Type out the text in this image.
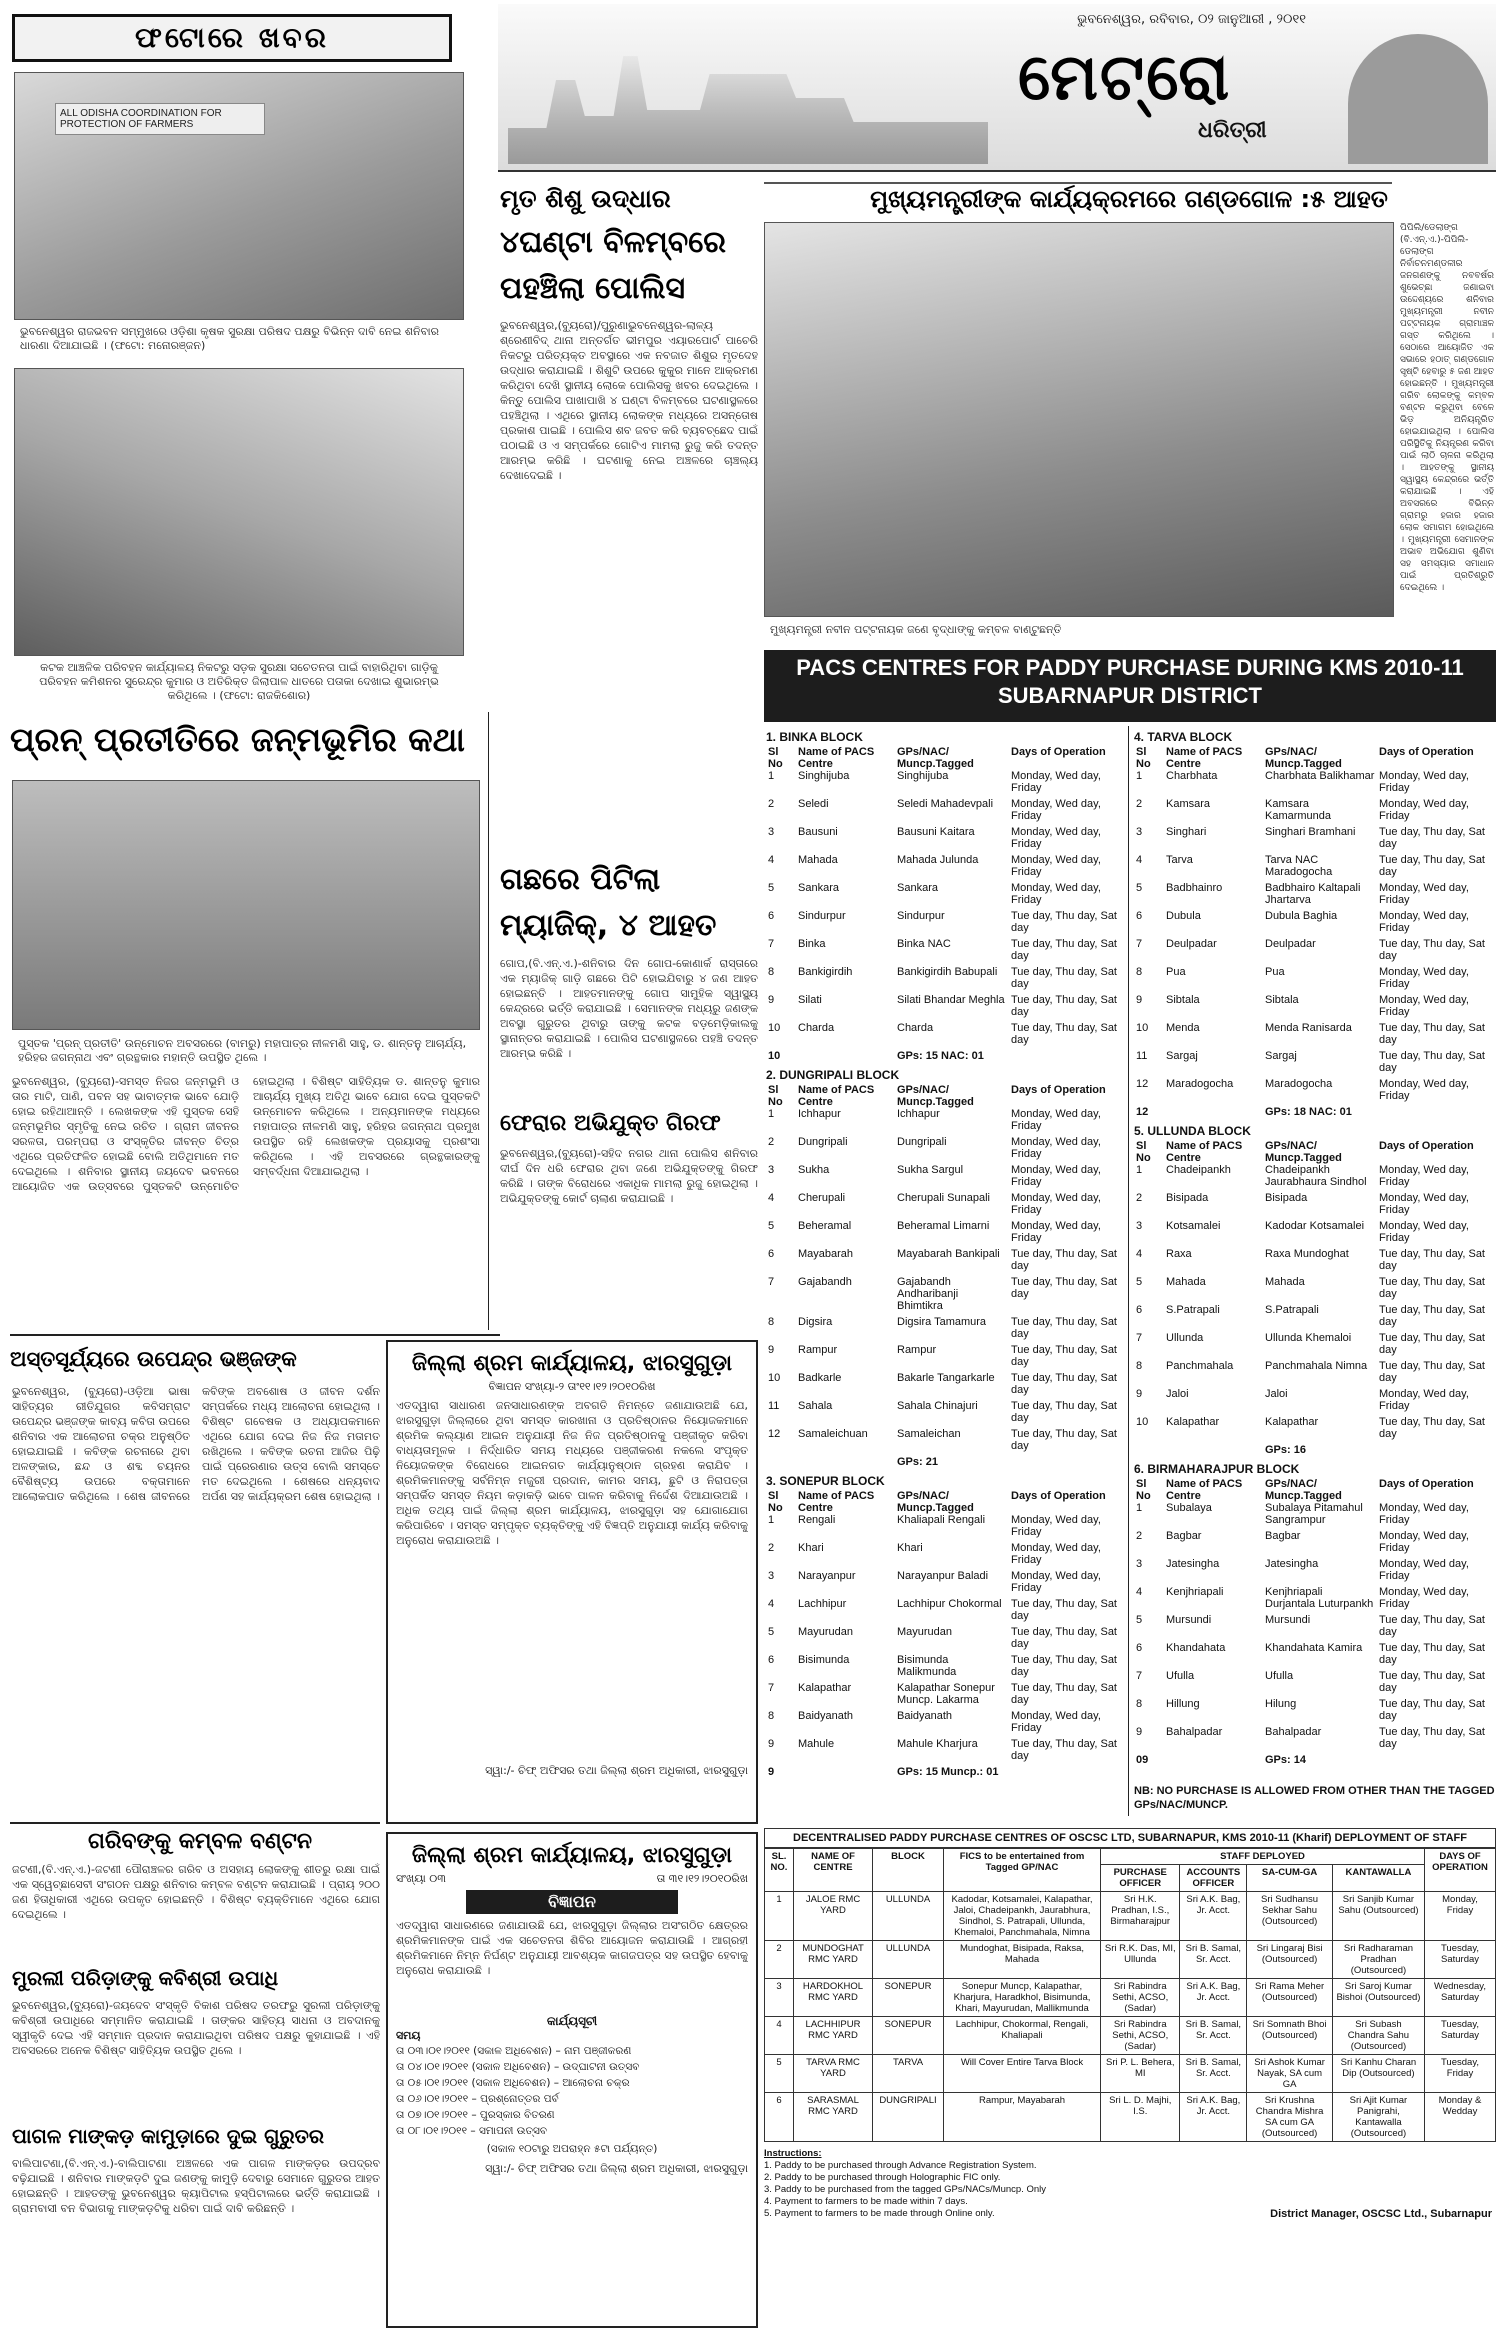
ଫଟୋରେ ଖବର
ALL ODISHA COORDINATION FOR PROTECTION OF FARMERS
ଭୁବନେଶ୍ୱର ରାଜଭବନ ସମ୍ମୁଖରେ ଓଡ଼ିଶା କୃଷକ ସୁରକ୍ଷା ପରିଷଦ ପକ୍ଷରୁ ବିଭିନ୍ନ ଦାବି ନେଇ ଶନିବାର ଧାରଣା ଦିଆଯାଇଛି । (ଫଟୋ: ମନୋରଞ୍ଜନ)
କଟକ ଆଞ୍ଚଳିକ ପରିବହନ କାର୍ଯ୍ୟାଳୟ ନିକଟରୁ ସଡ଼କ ସୁରକ୍ଷା ସଚେତନତା ପାଇଁ ବାହାରିଥିବା ଗାଡ଼ିକୁ ପରିବହନ କମିଶନର ସୁରେନ୍ଦ୍ର କୁମାର ଓ ଅତିରିକ୍ତ ଜିଲାପାଳ ଧାତରେ ପତାକା ଦେଖାଇ ଶୁଭାରମ୍ଭ କରିଥିଲେ । (ଫଟୋ: ରାଜକିଶୋର)
ପ୍ରନ୍ ପ୍ରତୀତିରେ ଜନ୍ମଭୂମିର କଥା
ପୁସ୍ତକ 'ପ୍ରନ୍ ପ୍ରତୀତି' ଉନ୍ମୋଚନ ଅବସରରେ (ବାମରୁ) ମହାପାତ୍ର ନୀଳମଣି ସାହୁ, ଡ. ଶାନ୍ତନୁ ଆଚାର୍ଯ୍ୟ, ହରିହର ଜଗନ୍ନାଥ ଏବଂ ଗ୍ରନ୍ଥକାର ମହାନ୍ତି ଉପସ୍ଥିତ ଥିଲେ ।
ଭୁବନେଶ୍ୱର, (ବ୍ୟୁରୋ)-ସମସ୍ତ ନିଜର ଜନ୍ମଭୂମି ଓ ତାର ମାଟି, ପାଣି, ପବନ ସହ ଭାବାତ୍ମକ ଭାବେ ଯୋଡ଼ି ହୋଇ ରହିଥାଆନ୍ତି । ଲେଖକଙ୍କ ଏହି ପୁସ୍ତକ ସେହି ଜନ୍ମଭୂମିର ସ୍ମୃତିକୁ ନେଇ ରଚିତ । ଗ୍ରାମ ଜୀବନର ସରଳତା, ପରମ୍ପରା ଓ ସଂସ୍କୃତିର ଜୀବନ୍ତ ଚିତ୍ର ଏଥିରେ ପ୍ରତିଫଳିତ ହୋଇଛି ବୋଲି ଅତିଥିମାନେ ମତ ଦେଇଥିଲେ । ଶନିବାର ସ୍ଥାନୀୟ ଜୟଦେବ ଭବନରେ ଆୟୋଜିତ ଏକ ଉତ୍ସବରେ ପୁସ୍ତକଟି ଉନ୍ମୋଚିତ ହୋଇଥିଲା । ବିଶିଷ୍ଟ ସାହିତ୍ୟିକ ଡ. ଶାନ୍ତନୁ କୁମାର ଆଚାର୍ଯ୍ୟ ମୁଖ୍ୟ ଅତିଥି ଭାବେ ଯୋଗ ଦେଇ ପୁସ୍ତକଟି ଉନ୍ମୋଚନ କରିଥିଲେ । ଅନ୍ୟମାନଙ୍କ ମଧ୍ୟରେ ମହାପାତ୍ର ନୀଳମଣି ସାହୁ, ହରିହର ଜଗନ୍ନାଥ ପ୍ରମୁଖ ଉପସ୍ଥିତ ରହି ଲେଖକଙ୍କ ପ୍ରୟାସକୁ ପ୍ରଶଂସା କରିଥିଲେ । ଏହି ଅବସରରେ ଗ୍ରନ୍ଥକାରଙ୍କୁ ସମ୍ବର୍ଦ୍ଧନା ଦିଆଯାଇଥିଲା ।
ଅସ୍ତସୂର୍ଯ୍ୟରେ ଉପେନ୍ଦ୍ର ଭଞ୍ଜଙ୍କ
ଭୁବନେଶ୍ୱର, (ବ୍ୟୁରୋ)-ଓଡ଼ିଆ ଭାଷା ସାହିତ୍ୟର ରୀତିଯୁଗର କବିସମ୍ରାଟ ଉପେନ୍ଦ୍ର ଭଞ୍ଜଙ୍କ କାବ୍ୟ କବିତା ଉପରେ ଶନିବାର ଏକ ଆଲୋଚନା ଚକ୍ର ଅନୁଷ୍ଠିତ ହୋଇଯାଇଛି । କବିଙ୍କ ରଚନାରେ ଥିବା ଅଳଙ୍କାର, ଛନ୍ଦ ଓ ଶବ୍ଦ ଚୟନର ବୈଶିଷ୍ଟ୍ୟ ଉପରେ ବକ୍ତାମାନେ ଆଲୋକପାତ କରିଥିଲେ । ଶେଷ ଜୀବନରେ କବିଙ୍କ ଅବଶୋଷ ଓ ଜୀବନ ଦର୍ଶନ ସମ୍ପର୍କରେ ମଧ୍ୟ ଆଲୋଚନା ହୋଇଥିଲା । ବିଶିଷ୍ଟ ଗବେଷକ ଓ ଅଧ୍ୟାପକମାନେ ଏଥିରେ ଯୋଗ ଦେଇ ନିଜ ନିଜ ମତାମତ ରଖିଥିଲେ । କବିଙ୍କ ରଚନା ଆଜିର ପିଢ଼ି ପାଇଁ ପ୍ରେରଣାର ଉତ୍ସ ବୋଲି ସମସ୍ତେ ମତ ଦେଇଥିଲେ । ଶେଷରେ ଧନ୍ୟବାଦ ଅର୍ପଣ ସହ କାର୍ଯ୍ୟକ୍ରମ ଶେଷ ହୋଇଥିଲା ।
ଗରିବଙ୍କୁ କମ୍ବଳ ବଣ୍ଟନ
ଜଟଣୀ,(ବି.ଏନ୍.ଏ.)-ଜଟଣୀ ପୌରାଞ୍ଚଳର ଗରିବ ଓ ଅସହାୟ ଲୋକଙ୍କୁ ଶୀତରୁ ରକ୍ଷା ପାଇଁ ଏକ ସ୍ୱେଚ୍ଛାସେବୀ ସଂଗଠନ ପକ୍ଷରୁ ଶନିବାର କମ୍ବଳ ବଣ୍ଟନ କରାଯାଇଛି । ପ୍ରାୟ ୨୦୦ ଜଣ ହିତାଧିକାରୀ ଏଥିରେ ଉପକୃତ ହୋଇଛନ୍ତି । ବିଶିଷ୍ଟ ବ୍ୟକ୍ତିମାନେ ଏଥିରେ ଯୋଗ ଦେଇଥିଲେ ।
ମୁରଲୀ ପରିଡ଼ାଙ୍କୁ କବିଶ୍ରୀ ଉପାଧି
ଭୁବନେଶ୍ୱର,(ବ୍ୟୁରୋ)-ଜୟଦେବ ସଂସ୍କୃତି ବିକାଶ ପରିଷଦ ତରଫରୁ ସୁରଲୀ ପରିଡ଼ାଙ୍କୁ କବିଶ୍ରୀ ଉପାଧିରେ ସମ୍ମାନିତ କରାଯାଇଛି । ତାଙ୍କର ସାହିତ୍ୟ ସାଧନା ଓ ଅବଦାନକୁ ସ୍ୱୀକୃତି ଦେଇ ଏହି ସମ୍ମାନ ପ୍ରଦାନ କରାଯାଇଥିବା ପରିଷଦ ପକ୍ଷରୁ କୁହାଯାଇଛି । ଏହି ଅବସରରେ ଅନେକ ବିଶିଷ୍ଟ ସାହିତ୍ୟିକ ଉପସ୍ଥିତ ଥିଲେ ।
ପାଗଳ ମାଙ୍କଡ଼ କାମୁଡ଼ାରେ ଦୁଇ ଗୁରୁତର
ବାଲିପାଟଣା,(ବି.ଏନ୍.ଏ.)-ବାଲିପାଟଣା ଅଞ୍ଚଳରେ ଏକ ପାଗଳ ମାଙ୍କଡ଼ର ଉପଦ୍ରବ ବଢ଼ିଯାଇଛି । ଶନିବାର ମାଙ୍କଡ଼ଟି ଦୁଇ ଜଣଙ୍କୁ କାମୁଡ଼ି ଦେବାରୁ ସେମାନେ ଗୁରୁତର ଆହତ ହୋଇଛନ୍ତି । ଆହତଙ୍କୁ ଭୁବନେଶ୍ୱର କ୍ୟାପିଟାଲ ହସ୍ପିଟାଲରେ ଭର୍ତ୍ତି କରାଯାଇଛି । ଗ୍ରାମବାସୀ ବନ ବିଭାଗକୁ ମାଙ୍କଡ଼ଟିକୁ ଧରିବା ପାଇଁ ଦାବି କରିଛନ୍ତି ।
ମୃତ ଶିଶୁ ଉଦ୍ଧାର
୪ଘଣ୍ଟା ବିଳମ୍ବରେ
ପହଞ୍ଚିଲା ପୋଲିସ
ଭୁବନେଶ୍ୱର,(ବ୍ୟୁରୋ)/ପୁରୁଣାଭୁବନେଶ୍ୱର-ଲାଳ୍ୟ ଶ୍ରେଣୀବିଦ୍ ଥାନା ଅନ୍ତର୍ଗତ ଭୀମପୁର ଏୟାରପୋର୍ଟ ପାଚେରି ନିକଟରୁ ପରିତ୍ୟକ୍ତ ଅବସ୍ଥାରେ ଏକ ନବଜାତ ଶିଶୁର ମୃତଦେହ ଉଦ୍ଧାର କରାଯାଇଛି । ଶିଶୁଟି ଉପରେ କୁକୁର ମାନେ ଆକ୍ରମଣ କରିଥିବା ଦେଖି ସ୍ଥାନୀୟ ଲୋକେ ପୋଲିସକୁ ଖବର ଦେଇଥିଲେ । କିନ୍ତୁ ପୋଲିସ ପାଖାପାଖି ୪ ଘଣ୍ଟା ବିଳମ୍ବରେ ଘଟଣାସ୍ଥଳରେ ପହଞ୍ଚିଥିଲା । ଏଥିରେ ସ୍ଥାନୀୟ ଲୋକଙ୍କ ମଧ୍ୟରେ ଅସନ୍ତୋଷ ପ୍ରକାଶ ପାଇଛି । ପୋଲିସ ଶବ ଜବତ କରି ବ୍ୟବଚ୍ଛେଦ ପାଇଁ ପଠାଇଛି ଓ ଏ ସମ୍ପର୍କରେ ଗୋଟିଏ ମାମଲା ରୁଜୁ କରି ତଦନ୍ତ ଆରମ୍ଭ କରିଛି । ଘଟଣାକୁ ନେଇ ଅଞ୍ଚଳରେ ଚାଞ୍ଚଲ୍ୟ ଦେଖାଦେଇଛି ।
ଗଛରେ ପିଟିଲା
ମ୍ୟାଜିକ୍, ୪ ଆହତ
ଗୋପ,(ବି.ଏନ୍.ଏ.)-ଶନିବାର ଦିନ ଗୋପ-କୋଣାର୍କ ରାସ୍ତାରେ ଏକ ମ୍ୟାଜିକ୍ ଗାଡ଼ି ଗଛରେ ପିଟି ହୋଇଯିବାରୁ ୪ ଜଣ ଆହତ ହୋଇଛନ୍ତି । ଆହତମାନଙ୍କୁ ଗୋପ ସାମୁହିକ ସ୍ୱାସ୍ଥ୍ୟ କେନ୍ଦ୍ରରେ ଭର୍ତ୍ତି କରାଯାଇଛି । ସେମାନଙ୍କ ମଧ୍ୟରୁ ଜଣଙ୍କ ଅବସ୍ଥା ଗୁରୁତର ଥିବାରୁ ତାଙ୍କୁ କଟକ ବଡ଼ମେଡ଼ିକାଲକୁ ସ୍ଥାନାନ୍ତର କରାଯାଇଛି । ପୋଲିସ ଘଟଣାସ୍ଥଳରେ ପହଞ୍ଚି ତଦନ୍ତ ଆରମ୍ଭ କରିଛି ।
ଫେରାର ଅଭିଯୁକ୍ତ ଗିରଫ
ଭୁବନେଶ୍ୱର,(ବ୍ୟୁରୋ)-ସହିଦ ନଗର ଥାନା ପୋଲିସ ଶନିବାର ଦୀର୍ଘ ଦିନ ଧରି ଫେରାର ଥିବା ଜଣେ ଅଭିଯୁକ୍ତଙ୍କୁ ଗିରଫ କରିଛି । ତାଙ୍କ ବିରୋଧରେ ଏକାଧିକ ମାମଲା ରୁଜୁ ହୋଇଥିଲା । ଅଭିଯୁକ୍ତଙ୍କୁ କୋର୍ଟ ଚାଲାଣ କରାଯାଇଛି ।
ଭୁବନେଶ୍ୱର, ରବିବାର, ୦୨ ଜାନୁଆରୀ , ୨୦୧୧
ମେଟ୍ରୋ
ଧରିତ୍ରୀ
ମୁଖ୍ୟମନ୍ତ୍ରୀଙ୍କ କାର୍ଯ୍ୟକ୍ରମରେ ଗଣ୍ଡଗୋଳ :୫ ଆହତ
ମୁଖ୍ୟମନ୍ତ୍ରୀ ନବୀନ ପଟ୍ଟନାୟକ ଜଣେ ବୃଦ୍ଧାଙ୍କୁ କମ୍ବଳ ବାଣ୍ଟୁଛନ୍ତି
PACS CENTRES FOR PADDY PURCHASE DURING KMS 2010-11
SUBARNAPUR DISTRICT
1. BINKA BLOCK
Sl No	Name of PACS Centre	GPs/NAC/ Muncp.Tagged	Days of Operation
1	Singhijuba	Singhijuba	Monday, Wed day, Friday
2	Seledi	Seledi Mahadevpali	Monday, Wed day, Friday
3	Bausuni	Bausuni Kaitara	Monday, Wed day, Friday
4	Mahada	Mahada Julunda	Monday, Wed day, Friday
5	Sankara	Sankara	Monday, Wed day, Friday
6	Sindurpur	Sindurpur	Tue day, Thu day, Sat day
7	Binka	Binka NAC	Tue day, Thu day, Sat day
8	Bankigirdih	Bankigirdih Babupali	Tue day, Thu day, Sat day
9	Silati	Silati Bhandar Meghla	Tue day, Thu day, Sat day
10	Charda	Charda	Tue day, Thu day, Sat day
10		GPs: 15 NAC: 01	
2. DUNGRIPALI BLOCK
Sl No	Name of PACS Centre	GPs/NAC/ Muncp.Tagged	Days of Operation
1	Ichhapur	Ichhapur	Monday, Wed day, Friday
2	Dungripali	Dungripali	Monday, Wed day, Friday
3	Sukha	Sukha Sargul	Monday, Wed day, Friday
4	Cherupali	Cherupali Sunapali	Monday, Wed day, Friday
5	Beheramal	Beheramal Limarni	Monday, Wed day, Friday
6	Mayabarah	Mayabarah Bankipali	Tue day, Thu day, Sat day
7	Gajabandh	Gajabandh Andharibanji Bhimtikra	Tue day, Thu day, Sat day
8	Digsira	Digsira Tamamura	Tue day, Thu day, Sat day
9	Rampur	Rampur	Tue day, Thu day, Sat day
10	Badkarle	Bakarle Tangarkarle	Tue day, Thu day, Sat day
11	Sahala	Sahala Chinajuri	Tue day, Thu day, Sat day
12	Samaleichuan	Samaleichan	Tue day, Thu day, Sat day
		GPs: 21	
3. SONEPUR BLOCK
Sl No	Name of PACS Centre	GPs/NAC/ Muncp.Tagged	Days of Operation
1	Rengali	Khaliapali Rengali	Monday, Wed day, Friday
2	Khari	Khari	Monday, Wed day, Friday
3	Narayanpur	Narayanpur Baladi	Monday, Wed day, Friday
4	Lachhipur	Lachhipur Chokormal	Tue day, Thu day, Sat day
5	Mayurudan	Mayurudan	Tue day, Thu day, Sat day
6	Bisimunda	Bisimunda Malikmunda	Tue day, Thu day, Sat day
7	Kalapathar	Kalapathar Sonepur Muncp. Lakarma	Tue day, Thu day, Sat day
8	Baidyanath	Baidyanath	Monday, Wed day, Friday
9	Mahule	Mahule Kharjura	Tue day, Thu day, Sat day
9		GPs: 15 Muncp.: 01	
4. TARVA BLOCK
Sl No	Name of PACS Centre	GPs/NAC/ Muncp.Tagged	Days of Operation
1	Charbhata	Charbhata Balikhamar	Monday, Wed day, Friday
2	Kamsara	Kamsara Kamarmunda	Monday, Wed day, Friday
3	Singhari	Singhari Bramhani	Tue day, Thu day, Sat day
4	Tarva	Tarva NAC Maradogocha	Tue day, Thu day, Sat day
5	Badbhainro	Badbhairo Kaltapali Jhartarva	Monday, Wed day, Friday
6	Dubula	Dubula Baghia	Monday, Wed day, Friday
7	Deulpadar	Deulpadar	Tue day, Thu day, Sat day
8	Pua	Pua	Monday, Wed day, Friday
9	Sibtala	Sibtala	Monday, Wed day, Friday
10	Menda	Menda Ranisarda	Tue day, Thu day, Sat day
11	Sargaj	Sargaj	Tue day, Thu day, Sat day
12	Maradogocha	Maradogocha	Monday, Wed day, Friday
12		GPs: 18 NAC: 01	
5. ULLUNDA BLOCK
Sl No	Name of PACS Centre	GPs/NAC/ Muncp.Tagged	Days of Operation
1	Chadeipankh	Chadeipankh Jaurabhaura Sindhol	Monday, Wed day, Friday
2	Bisipada	Bisipada	Monday, Wed day, Friday
3	Kotsamalei	Kadodar Kotsamalei	Monday, Wed day, Friday
4	Raxa	Raxa Mundoghat	Tue day, Thu day, Sat day
5	Mahada	Mahada	Tue day, Thu day, Sat day
6	S.Patrapali	S.Patrapali	Tue day, Thu day, Sat day
7	Ullunda	Ullunda Khemaloi	Tue day, Thu day, Sat day
8	Panchmahala	Panchmahala Nimna	Tue day, Thu day, Sat day
9	Jaloi	Jaloi	Monday, Wed day, Friday
10	Kalapathar	Kalapathar	Tue day, Thu day, Sat day
		GPs: 16	
6. BIRMAHARAJPUR BLOCK
Sl No	Name of PACS Centre	GPs/NAC/ Muncp.Tagged	Days of Operation
1	Subalaya	Subalaya Pitamahul Sangrampur	Monday, Wed day, Friday
2	Bagbar	Bagbar	Monday, Wed day, Friday
3	Jatesingha	Jatesingha	Monday, Wed day, Friday
4	Kenjhriapali	Kenjhriapali Durjantala Luturpankh	Monday, Wed day, Friday
5	Mursundi	Mursundi	Tue day, Thu day, Sat day
6	Khandahata	Khandahata Kamira	Tue day, Thu day, Sat day
7	Ufulla	Ufulla	Tue day, Thu day, Sat day
8	Hillung	Hilung	Tue day, Thu day, Sat day
9	Bahalpadar	Bahalpadar	Tue day, Thu day, Sat day
09		GPs: 14	
NB: NO PURCHASE IS ALLOWED FROM OTHER THAN THE TAGGED GPs/NAC/MUNCP.
ଜିଲ୍ଲା ଶ୍ରମ କାର୍ଯ୍ୟାଳୟ, ଝାରସୁଗୁଡ଼ା
ବିଜ୍ଞାପନ ସଂଖ୍ୟା-୨ ତାଂ୧୧।୧୨।୨୦୧୦ରିଖ
ଏତଦ୍ୱାରା ସାଧାରଣ ଜନସାଧାରଣଙ୍କ ଅବଗତି ନିମନ୍ତେ ଜଣାଯାଉଅଛି ଯେ, ଝାରସୁଗୁଡ଼ା ଜିଲ୍ଲାରେ ଥିବା ସମସ୍ତ କାରଖାନା ଓ ପ୍ରତିଷ୍ଠାନର ନିୟୋଜକମାନେ ଶ୍ରମିକ କଲ୍ୟାଣ ଆଇନ ଅନୁଯାୟୀ ନିଜ ନିଜ ପ୍ରତିଷ୍ଠାନକୁ ପଞ୍ଜୀକୃତ କରିବା ବାଧ୍ୟତାମୂଳକ । ନିର୍ଦ୍ଧାରିତ ସମୟ ମଧ୍ୟରେ ପଞ୍ଜୀକରଣ ନକଲେ ସଂପୃକ୍ତ ନିୟୋଜକଙ୍କ ବିରୋଧରେ ଆଇନଗତ କାର୍ଯ୍ୟାନୁଷ୍ଠାନ ଗ୍ରହଣ କରାଯିବ । ଶ୍ରମିକମାନଙ୍କୁ ସର୍ବନିମ୍ନ ମଜୁରୀ ପ୍ରଦାନ, କାମର ସମୟ, ଛୁଟି ଓ ନିରାପତ୍ତା ସମ୍ପର୍କିତ ସମସ୍ତ ନିୟମ କଡ଼ାକଡ଼ି ଭାବେ ପାଳନ କରିବାକୁ ନିର୍ଦ୍ଦେଶ ଦିଆଯାଉଅଛି । ଅଧିକ ତଥ୍ୟ ପାଇଁ ଜିଲ୍ଲା ଶ୍ରମ କାର୍ଯ୍ୟାଳୟ, ଝାରସୁଗୁଡ଼ା ସହ ଯୋଗାଯୋଗ କରିପାରିବେ । ସମସ୍ତ ସମ୍ପୃକ୍ତ ବ୍ୟକ୍ତିଙ୍କୁ ଏହି ବିଜ୍ଞପ୍ତି ଅନୁଯାୟୀ କାର୍ଯ୍ୟ କରିବାକୁ ଅନୁରୋଧ କରାଯାଉଅଛି ।
ସ୍ୱା:/- ଚିଫ୍‌ ଅଫିସର ତଥା ଜିଲ୍ଲା ଶ୍ରମ ଅଧିକାରୀ, ଝାରସୁଗୁଡ଼ା
ଜିଲ୍ଲା ଶ୍ରମ କାର୍ଯ୍ୟାଳୟ, ଝାରସୁଗୁଡ଼ା
ସଂଖ୍ୟା ୦୩	ତା ୩୧।୧୨।୨୦୧୦ରିଖ
ବିଜ୍ଞାପନ
ଏତଦ୍ୱାରା ସାଧାରଣରେ ଜଣାଯାଉଛି ଯେ, ଝାରସୁଗୁଡ଼ା ଜିଲ୍ଲାର ଅସଂଗଠିତ କ୍ଷେତ୍ରର ଶ୍ରମିକମାନଙ୍କ ପାଇଁ ଏକ ସଚେତନତା ଶିବିର ଆୟୋଜନ କରାଯାଉଛି । ଆଗ୍ରହୀ ଶ୍ରମିକମାନେ ନିମ୍ନ ନିର୍ଘଣ୍ଟ ଅନୁଯାୟୀ ଆବଶ୍ୟକ କାଗଜପତ୍ର ସହ ଉପସ୍ଥିତ ହେବାକୁ ଅନୁରୋଧ କରାଯାଉଛି ।
କାର୍ଯ୍ୟସୂଚୀ
ସମୟ
ତା ୦୩।୦୧।୨୦୧୧ (ସକାଳ ଅଧିବେଶନ) – ନାମ ପଞ୍ଜୀକରଣ
ତା ୦୪।୦୧।୨୦୧୧ (ସକାଳ ଅଧିବେଶନ) – ଉଦ୍‌ଘାଟନୀ ଉତ୍ସବ
ତା ୦୫।୦୧।୨୦୧୧ (ସକାଳ ଅଧିବେଶନ) – ଆଲୋଚନା ଚକ୍ର
ତା ୦୬।୦୧।୨୦୧୧ – ପ୍ରଶ୍ନୋତ୍ତର ପର୍ବ
ତା ୦୭।୦୧।୨୦୧୧ – ପୁରସ୍କାର ବିତରଣ
ତା ୦୮।୦୧।୨୦୧୧ – ସମାପନୀ ଉତ୍ସବ
(ସକାଳ ୧୦ଟାରୁ ଅପରାହ୍ନ ୫ଟା ପର୍ଯ୍ୟନ୍ତ)
ସ୍ୱା:/- ଚିଫ୍‌ ଅଫିସର ତଥା ଜିଲ୍ଲା ଶ୍ରମ ଅଧିକାରୀ, ଝାରସୁଗୁଡ଼ା
DECENTRALISED PADDY PURCHASE CENTRES OF OSCSC LTD, SUBARNAPUR, KMS 2010-11 (Kharif) DEPLOYMENT OF STAFF
SL. NO.	NAME OF CENTRE	BLOCK	FICS to be entertained from Tagged GP/NAC	STAFF DEPLOYED				DAYS OF OPERATION
				PURCHASE OFFICER	ACCOUNTS OFFICER	SA-CUM-GA	KANTAWALLA	
1	JALOE RMC YARD	ULLUNDA	Kadodar, Kotsamalei, Kalapathar, Jaloi, Chadeipankh, Jaurabhura, Sindhol, S. Patrapali, Ullunda, Khemaloi, Panchmahala, Nimna	Sri H.K. Pradhan, I.S., Birmaharajpur	Sri A.K. Bag, Jr. Acct.	Sri Sudhansu Sekhar Sahu (Outsourced)	Sri Sanjib Kumar Sahu (Outsourced)	Monday, Friday
2	MUNDOGHAT RMC YARD	ULLUNDA	Mundoghat, Bisipada, Raksa, Mahada	Sri R.K. Das, MI, Ullunda	Sri B. Samal, Sr. Acct.	Sri Lingaraj Bisi (Outsourced)	Sri Radharaman Pradhan (Outsourced)	Tuesday, Saturday
3	HARDOKHOL RMC YARD	SONEPUR	Sonepur Muncp, Kalapathar, Kharjura, Haradkhol, Bisimunda, Khari, Mayurudan, Mallikmunda	Sri Rabindra Sethi, ACSO, (Sadar)	Sri A.K. Bag, Jr. Acct.	Sri Rama Meher (Outsourced)	Sri Saroj Kumar Bishoi (Outsourced)	Wednesday, Saturday
4	LACHHIPUR RMC YARD	SONEPUR	Lachhipur, Chokormal, Rengali, Khaliapali	Sri Rabindra Sethi, ACSO, (Sadar)	Sri B. Samal, Sr. Acct.	Sri Somnath Bhoi (Outsourced)	Sri Subash Chandra Sahu (Outsourced)	Tuesday, Saturday
5	TARVA RMC YARD	TARVA	Will Cover Entire Tarva Block	Sri P. L. Behera, MI	Sri B. Samal, Sr. Acct.	Sri Ashok Kumar Nayak, SA cum GA	Sri Kanhu Charan Dip (Outsourced)	Tuesday, Friday
6	SARASMAL RMC YARD	DUNGRIPALI	Rampur, Mayabarah	Sri L. D. Majhi, I.S.	Sri A.K. Bag, Jr. Acct.	Sri Krushna Chandra Mishra SA cum GA (Outsourced)	Sri Ajit Kumar Panigrahi, Kantawalla (Outsourced)	Monday & Wedday
Instructions:
1. Paddy to be purchased through Advance Registration System.
2. Paddy to be purchased through Holographic FIC only.
3. Paddy to be purchased from the tagged GPs/NACs/Muncp. Only
4. Payment to farmers to be made within 7 days.
5. Payment to farmers to be made through Online only.	District Manager, OSCSC Ltd., Subarnapur
ପିପିଲି/ଡେଲାଙ୍ଗ (ବି.ଏନ୍.ଏ.)-ପିପିଲି-ଡେଲାଙ୍ଗ ନିର୍ବାଚନମଣ୍ଡଳୀର ଜନଗଣଙ୍କୁ ନବବର୍ଷର ଶୁଭେଚ୍ଛା ଜଣାଇବା ଉଦ୍ଦେଶ୍ୟରେ ଶନିବାର ମୁଖ୍ୟମନ୍ତ୍ରୀ ନବୀନ ପଟ୍ଟନାୟକ ଗ୍ରାମାଞ୍ଚଳ ଗସ୍ତ କରିଥିଲେ । ସେଠାରେ ଆୟୋଜିତ ଏକ ସଭାରେ ହଠାତ୍ ଗଣ୍ଡଗୋଳ ସୃଷ୍ଟି ହେବାରୁ ୫ ଜଣ ଆହତ ହୋଇଛନ୍ତି । ମୁଖ୍ୟମନ୍ତ୍ରୀ ଗରିବ ଲୋକଙ୍କୁ କମ୍ବଳ ବଣ୍ଟନ କରୁଥିବା ବେଳେ ଭିଡ଼ ଅନିୟନ୍ତ୍ରିତ ହୋଇଯାଇଥିଲା । ପୋଲିସ ପରିସ୍ଥିତିକୁ ନିୟନ୍ତ୍ରଣ କରିବା ପାଇଁ ଲାଠି ଚାଳନା କରିଥିଲା । ଆହତଙ୍କୁ ସ୍ଥାନୀୟ ସ୍ୱାସ୍ଥ୍ୟ କେନ୍ଦ୍ରରେ ଭର୍ତ୍ତି କରାଯାଇଛି । ଏହି ଅବସରରେ ବିଭିନ୍ନ ଗ୍ରାମରୁ ହଜାର ହଜାର ଲୋକ ସମାଗମ ହୋଇଥିଲେ । ମୁଖ୍ୟମନ୍ତ୍ରୀ ସେମାନଙ୍କ ଅଭାବ ଅଭିଯୋଗ ଶୁଣିବା ସହ ସମସ୍ୟାର ସମାଧାନ ପାଇଁ ପ୍ରତିଶ୍ରୁତି ଦେଇଥିଲେ ।
